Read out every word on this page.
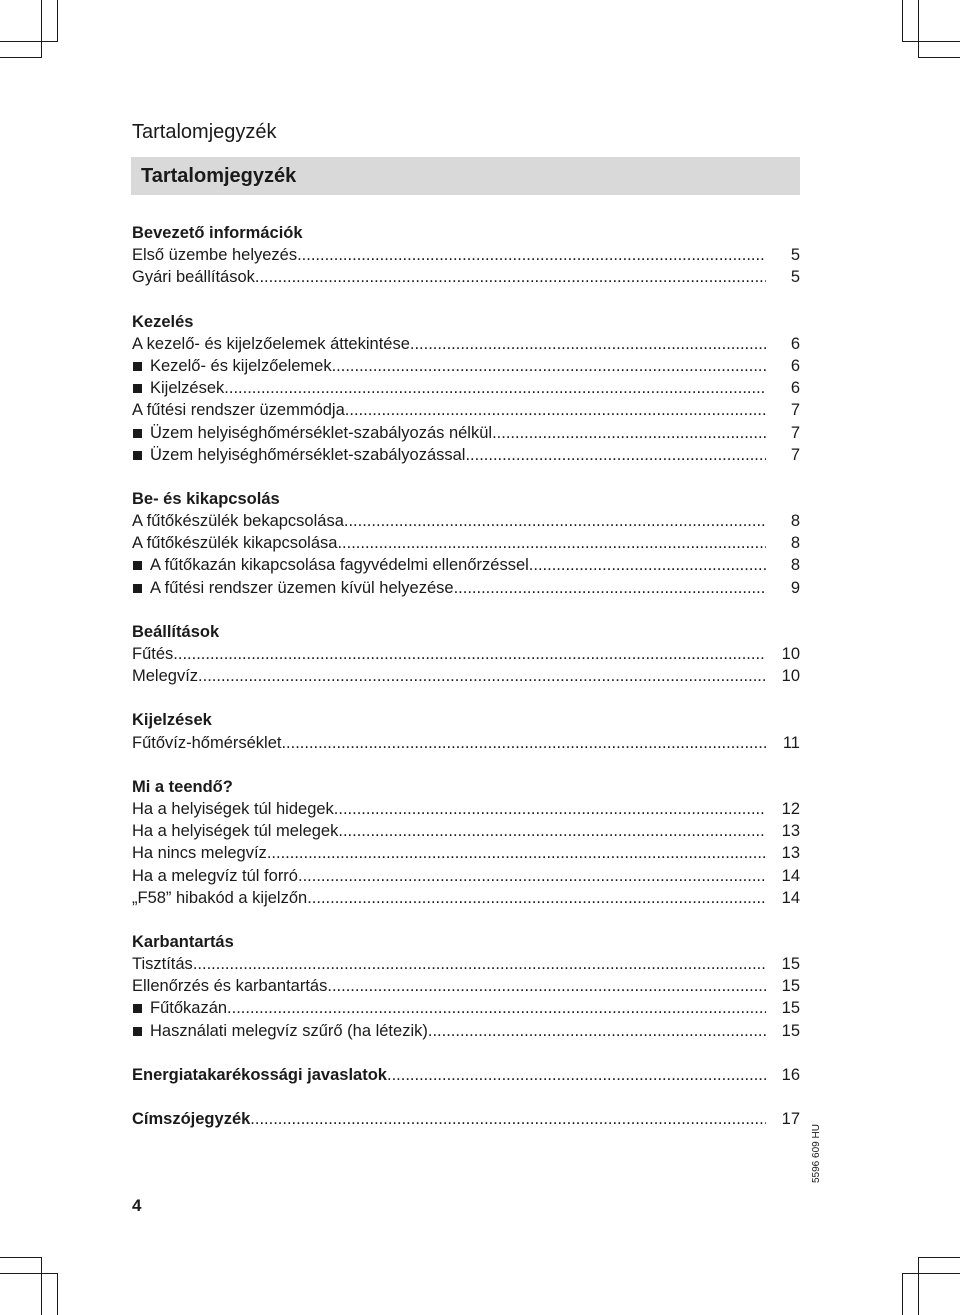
Tartalomjegyzék
Tartalomjegyzék
Bevezető információk
Első üzembe helyezés .....	5
Gyári beállítások .....	5
Kezelés
A kezelő- és kijelzőelemek áttekintése .....	6
Kezelő- és kijelzőelemek .....	6
Kijelzések .....	6
A fűtési rendszer üzemmódja .....	7
Üzem helyiséghőmérséklet-szabályozás nélkül .....	7
Üzem helyiséghőmérséklet-szabályozással .....	7
Be- és kikapcsolás
A fűtőkészülék bekapcsolása .....	8
A fűtőkészülék kikapcsolása .....	8
A fűtőkazán kikapcsolása fagyvédelmi ellenőrzéssel .....	8
A fűtési rendszer üzemen kívül helyezése .....	9
Beállítások
Fűtés .....	10
Melegvíz .....	10
Kijelzések
Fűtővíz-hőmérséklet .....	11
Mi a teendő?
Ha a helyiségek túl hidegek .....	12
Ha a helyiségek túl melegek .....	13
Ha nincs melegvíz .....	13
Ha a melegvíz túl forró .....	14
„F58” hibakód a kijelzőn .....	14
Karbantartás
Tisztítás .....	15
Ellenőrzés és karbantartás .....	15
Fűtőkazán .....	15
Használati melegvíz szűrő (ha létezik) .....	15
Energiatakarékossági javaslatok .....	16
Címszójegyzék .....	17
4
5596 609 HU
